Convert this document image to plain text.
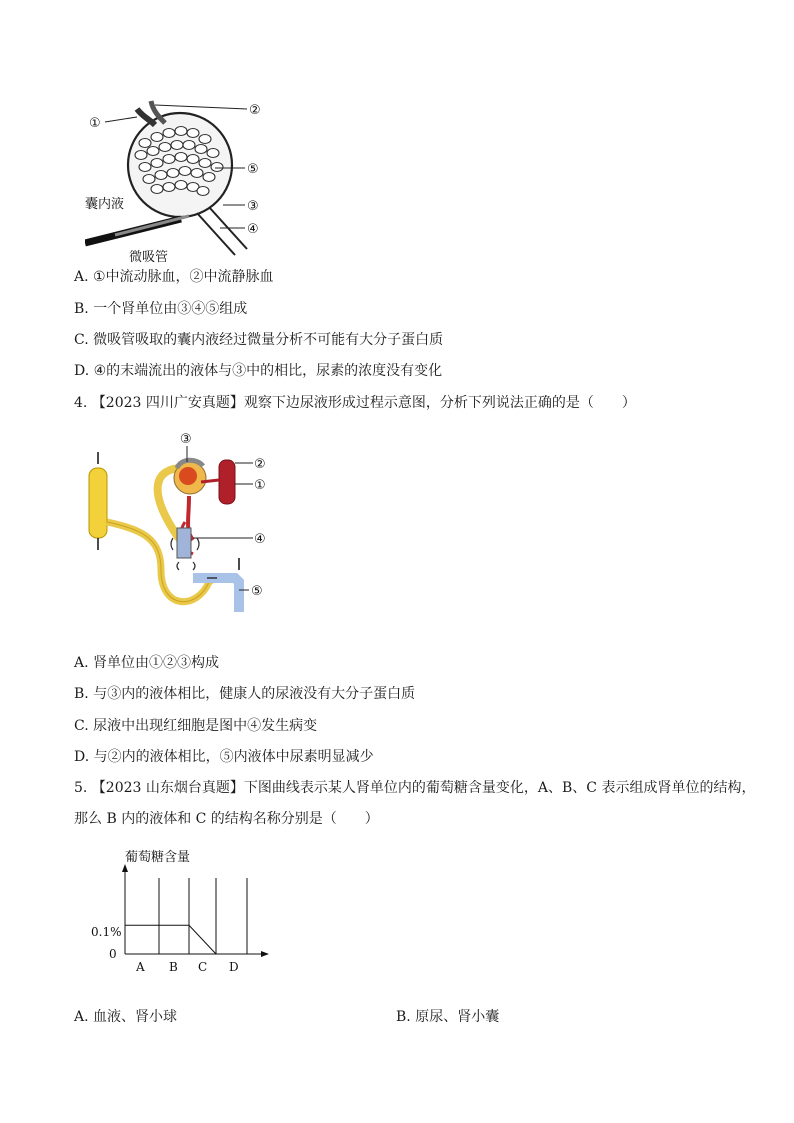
①
②
⑤
③
④
囊内液
微吸管
A. ①中流动脉血，②中流静脉血
B. 一个肾单位由③④⑤组成
C. 微吸管吸取的囊内液经过微量分析不可能有大分子蛋白质
D. ④的末端流出的液体与③中的相比，尿素的浓度没有变化
4. 【2023 四川广安真题】观察下边尿液形成过程示意图，分析下列说法正确的是（　　）
③
②
①
④
⑤
A. 肾单位由①②③构成
B. 与③内的液体相比，健康人的尿液没有大分子蛋白质
C. 尿液中出现红细胞是图中④发生病变
D. 与②内的液体相比，⑤内液体中尿素明显减少
5. 【2023 山东烟台真题】下图曲线表示某人肾单位内的葡萄糖含量变化，A、B、C 表示组成肾单位的结构，
那么 B 内的液体和 C 的结构名称分别是（　　）
葡萄糖含量
0.1%
0
A B C D
A. 血液、肾小球	B. 原尿、肾小囊
